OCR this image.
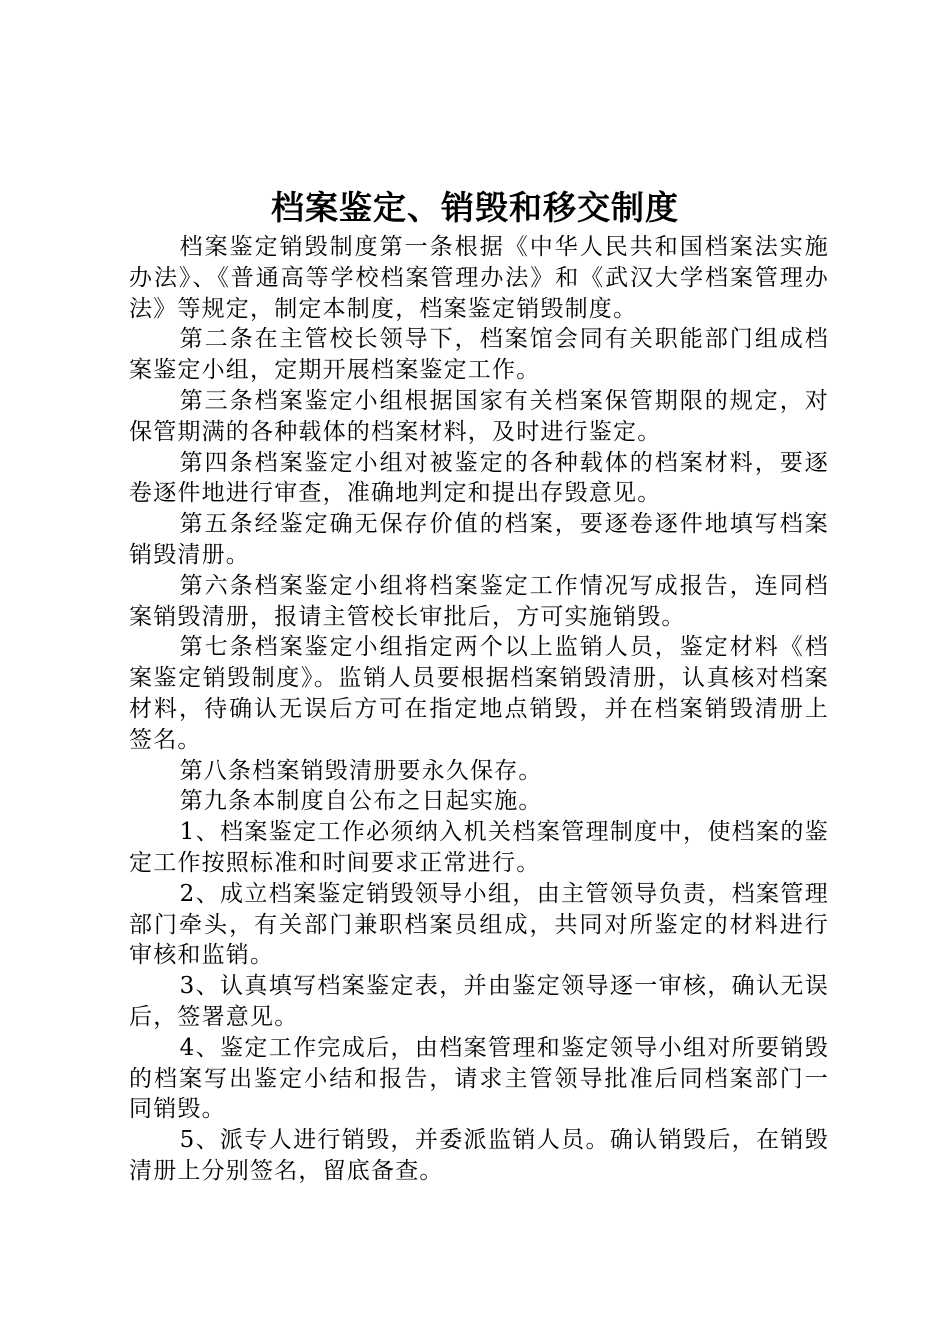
档案鉴定、销毁和移交制度

档案鉴定销毁制度第一条根据《中华人民共和国档案法实施办法》、《普通高等学校档案管理办法》和《武汉大学档案管理办法》等规定，制定本制度，档案鉴定销毁制度。

第二条在主管校长领导下，档案馆会同有关职能部门组成档案鉴定小组，定期开展档案鉴定工作。

第三条档案鉴定小组根据国家有关档案保管期限的规定，对保管期满的各种载体的档案材料，及时进行鉴定。

第四条档案鉴定小组对被鉴定的各种载体的档案材料，要逐卷逐件地进行审查，准确地判定和提出存毁意见。

第五条经鉴定确无保存价值的档案，要逐卷逐件地填写档案销毁清册。

第六条档案鉴定小组将档案鉴定工作情况写成报告，连同档案销毁清册，报请主管校长审批后，方可实施销毁。

第七条档案鉴定小组指定两个以上监销人员，鉴定材料《档案鉴定销毁制度》。监销人员要根据档案销毁清册，认真核对档案材料，待确认无误后方可在指定地点销毁，并在档案销毁清册上签名。

第八条档案销毁清册要永久保存。

第九条本制度自公布之日起实施。

1、档案鉴定工作必须纳入机关档案管理制度中，使档案的鉴定工作按照标准和时间要求正常进行。

2、成立档案鉴定销毁领导小组，由主管领导负责，档案管理部门牵头，有关部门兼职档案员组成，共同对所鉴定的材料进行审核和监销。

3、认真填写档案鉴定表，并由鉴定领导逐一审核，确认无误后，签署意见。

4、鉴定工作完成后，由档案管理和鉴定领导小组对所要销毁的档案写出鉴定小结和报告，请求主管领导批准后同档案部门一同销毁。

5、派专人进行销毁，并委派监销人员。确认销毁后，在销毁清册上分别签名，留底备查。
